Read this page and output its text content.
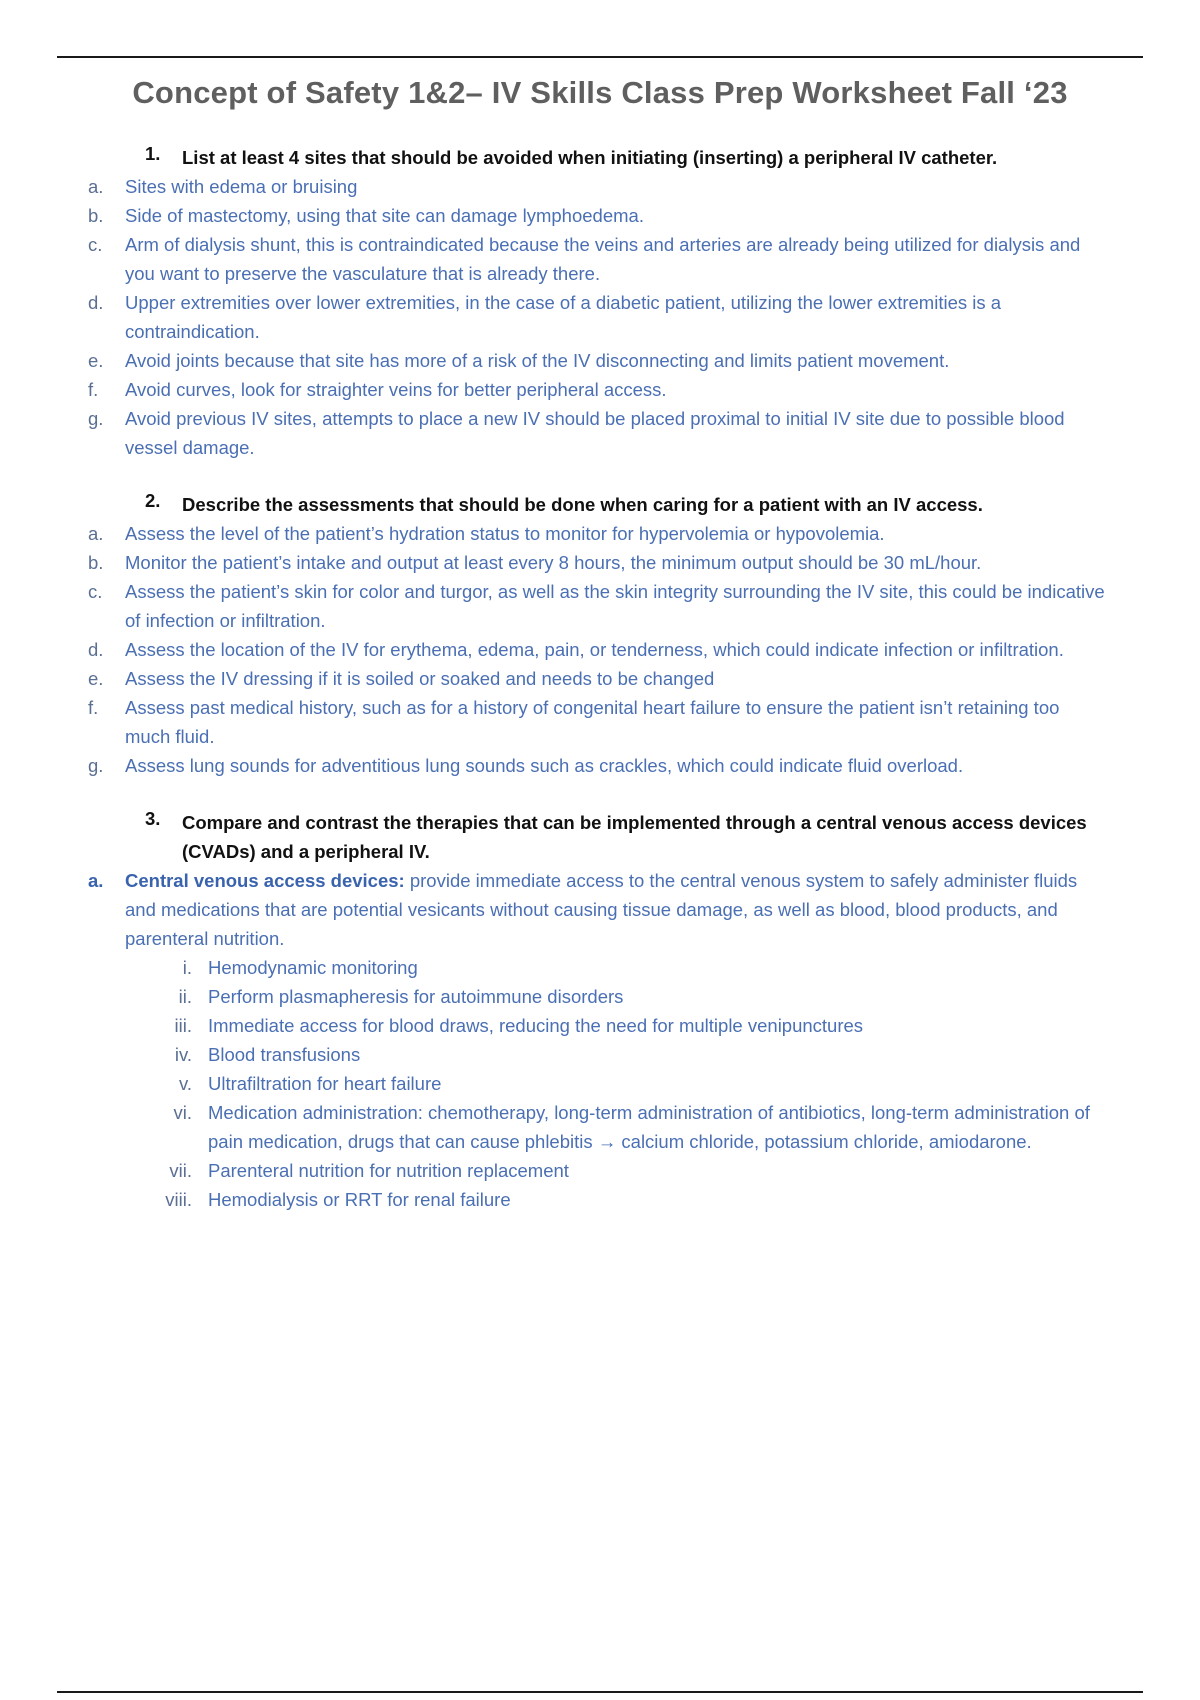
Concept of Safety 1&2– IV Skills Class Prep Worksheet Fall ‘23
1. List at least 4 sites that should be avoided when initiating (inserting) a peripheral IV catheter.
a.	Sites with edema or bruising
b.	Side of mastectomy, using that site can damage lymphoedema.
c.	Arm of dialysis shunt, this is contraindicated because the veins and arteries are already being utilized for dialysis and you want to preserve the vasculature that is already there.
d.	Upper extremities over lower extremities, in the case of a diabetic patient, utilizing the lower extremities is a contraindication.
e.	Avoid joints because that site has more of a risk of the IV disconnecting and limits patient movement.
f.	Avoid curves, look for straighter veins for better peripheral access.
g.	Avoid previous IV sites, attempts to place a new IV should be placed proximal to initial IV site due to possible blood vessel damage.
2. Describe the assessments that should be done when caring for a patient with an IV access.
a.	Assess the level of the patient’s hydration status to monitor for hypervolemia or hypovolemia.
b.	Monitor the patient’s intake and output at least every 8 hours, the minimum output should be 30 mL/hour.
c.	Assess the patient’s skin for color and turgor, as well as the skin integrity surrounding the IV site, this could be indicative of infection or infiltration.
d.	Assess the location of the IV for erythema, edema, pain, or tenderness, which could indicate infection or infiltration.
e.	Assess the IV dressing if it is soiled or soaked and needs to be changed
f.	Assess past medical history, such as for a history of congenital heart failure to ensure the patient isn’t retaining too much fluid.
g.	Assess lung sounds for adventitious lung sounds such as crackles, which could indicate fluid overload.
3. Compare and contrast the therapies that can be implemented through a central venous access devices (CVADs) and a peripheral IV.
a.	Central venous access devices: provide immediate access to the central venous system to safely administer fluids and medications that are potential vesicants without causing tissue damage, as well as blood, blood products, and parenteral nutrition.
i. Hemodynamic monitoring
ii. Perform plasmapheresis for autoimmune disorders
iii. Immediate access for blood draws, reducing the need for multiple venipunctures
iv. Blood transfusions
v. Ultrafiltration for heart failure
vi. Medication administration: chemotherapy, long-term administration of antibiotics, long-term administration of pain medication, drugs that can cause phlebitis → calcium chloride, potassium chloride, amiodarone.
vii. Parenteral nutrition for nutrition replacement
viii. Hemodialysis or RRT for renal failure
